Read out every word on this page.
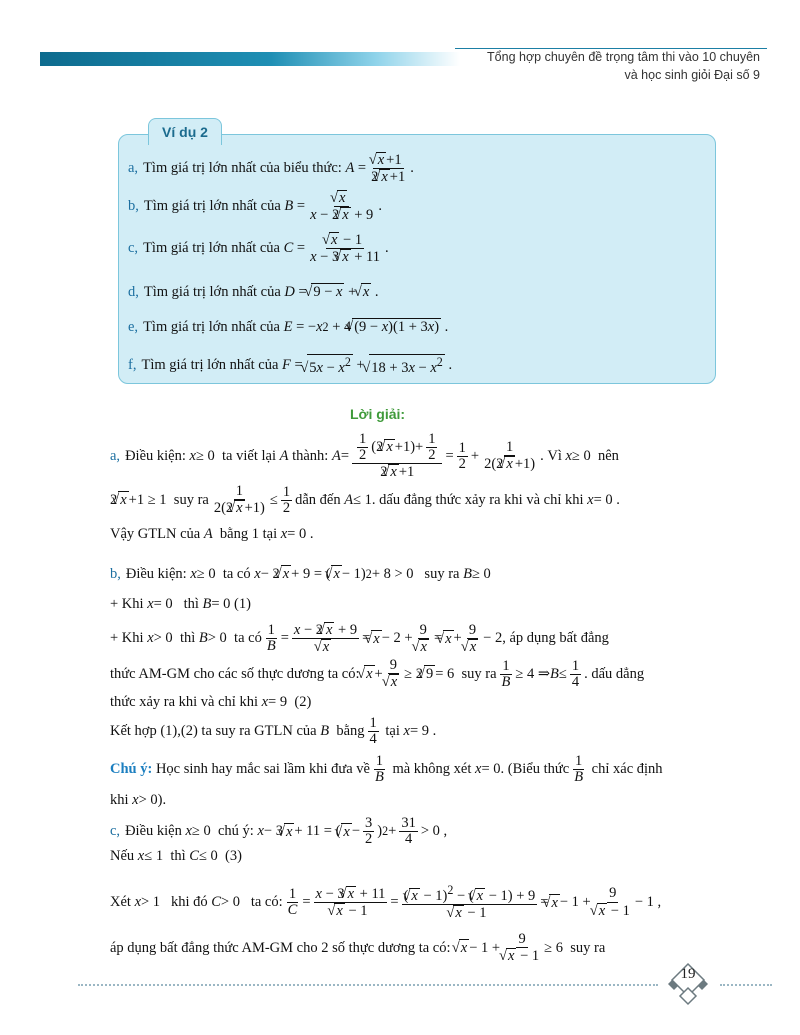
Tổng hợp chuyên đề trọng tâm thi vào 10 chuyên
và học sinh giỏi Đại số 9
Ví dụ 2
a, Tìm giá trị lớn nhất của biểu thức:
A =
√ $\frac{x +1}{2√ x +1}$ .
b, Tìm giá trị lớn nhất của
B =
√ $\frac{x}{x - 2√ x + 9}$ .
c, Tìm giá trị lớn nhất của
C =
√ $\frac{x - 1}{x - 3√ x + 11}$ .
d, Tìm giá trị lớn nhất của
D =
√ 9 − x +
√ x .
e, Tìm giá trị lớn nhất của
E = − x 2 + 4
√ (9 − x)(1 + 3x) .
f, Tìm giá trị lớn nhất của
F =
√ $5x - x^2$ +
√ $18 + 3x - x^2$ .
Lời giải:
a, Điều kiện:
x ≥ 0 ta viết lại
A
thành:
$A = \frac{\frac{1}{2} (2√ x +1)+ \frac{1}{2}}{2√ x +1} = \frac{1}{2} + \frac{1}{2(2√ x +1)}$ . Vì
x ≥ 0 nên
2
√ x +1 ≥ 1 suy ra $\frac{1}{2(2√ x +1)} \le \frac{1}{2}$ dẫn đến
A ≤ 1 . dấu đẳng thức xảy ra khi và chỉ khi
x = 0 .
Vậy GTLN của
A
bằng 1 tại
x = 0 .
b, Điều kiện:
x ≥ 0 ta có
x − 2
√ x + 9 = (
√ x − 1) 2 + 8 > 0 suy ra
B ≥ 0
+ Khi
x = 0 thì
B = 0 (1)
+ Khi
x > 0 thì
B > 0 ta có $\frac{1}{B} = x - 2√$ x + 9
√ x =
√ x − 2 + 9
√ x =
√ x + 9
√ x − 2 , áp dụng bất đẳng
thức AM-GM cho các số thực dương ta có:

√ x + 9
√ x ≥ 2
√ 9 = 6 suy ra $\frac{1}{B} \ge 4$ ⇒ $B \le \frac{1}{4}$ . dấu dẳng
thức xảy ra khi và chỉ khi
x = 9 (2)
Kết hợp (1),(2) ta suy ra GTLN của
B
bằng $\frac{1}{4}$
tại
x = 9 .
Chú ý:
Học sinh hay mắc sai lầm khi đưa về $\frac{1}{B}$
mà không xét
x = 0 . (Biểu thức $\frac{1}{B}$
chỉ xác định
khi
x > 0 ).
c, Điều kiện
x ≥ 0 chú ý:
x − 3
√ x + 11 = (
√ $x - \frac{3}{2}$ ) $2 + \frac{31}{4} > 0$ ,
Nếu
x ≤ 1 thì
C ≤ 0 (3)
Xét
x > 1 khi đó
C > 0 ta có: $\frac{1}{C} = x - 3√$ x + 11
√ x − 1 = (√ x − 1)$^2$ − (√ x − 1) + 9
√ x − 1 =
√ x − 1 + 9
√ x − 1 − 1 ,
áp dụng bất đẳng thức AM-GM cho 2 số thực dương ta có:

√ x − 1 + 9
√ x − 1 ≥ 6 suy ra
19
